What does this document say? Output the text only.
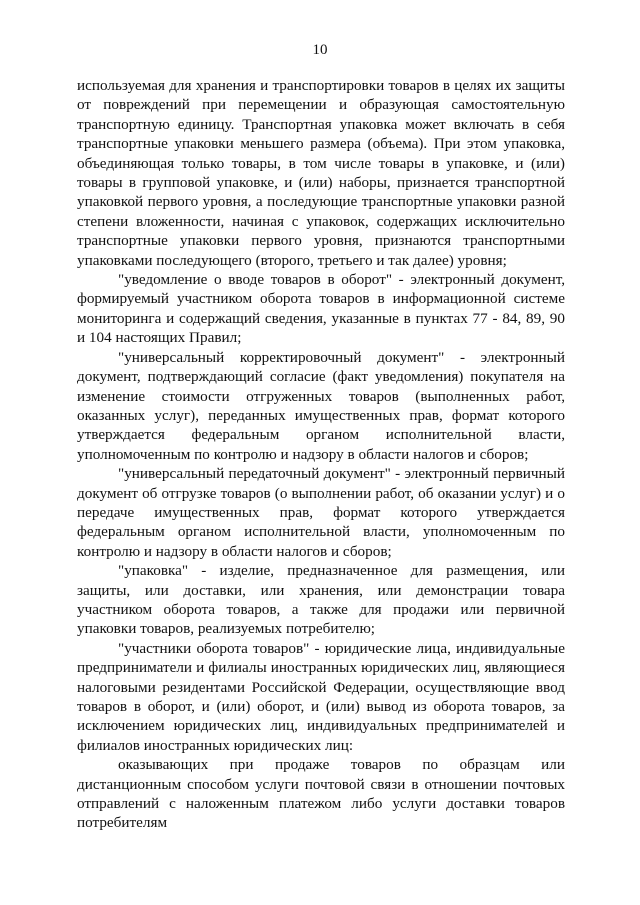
10

используемая для хранения и транспортировки товаров в целях их защиты от повреждений при перемещении и образующая самостоятельную транспортную единицу. Транспортная упаковка может включать в себя транспортные упаковки меньшего размера (объема). При этом упаковка, объединяющая только товары, в том числе товары в упаковке, и (или) товары в групповой упаковке, и (или) наборы, признается транспортной упаковкой первого уровня, а последующие транспортные упаковки разной степени вложенности, начиная с упаковок, содержащих исключительно транспортные упаковки первого уровня, признаются транспортными упаковками последующего (второго, третьего и так далее) уровня;

"уведомление о вводе товаров в оборот" - электронный документ, формируемый участником оборота товаров в информационной системе мониторинга и содержащий сведения, указанные в пунктах 77 - 84, 89, 90 и 104 настоящих Правил;

"универсальный корректировочный документ" - электронный документ, подтверждающий согласие (факт уведомления) покупателя на изменение стоимости отгруженных товаров (выполненных работ, оказанных услуг), переданных имущественных прав, формат которого утверждается федеральным органом исполнительной власти, уполномоченным по контролю и надзору в области налогов и сборов;

"универсальный передаточный документ" - электронный первичный документ об отгрузке товаров (о выполнении работ, об оказании услуг) и о передаче имущественных прав, формат которого утверждается федеральным органом исполнительной власти, уполномоченным по контролю и надзору в области налогов и сборов;

"упаковка" - изделие, предназначенное для размещения, или защиты, или доставки, или хранения, или демонстрации товара участником оборота товаров, а также для продажи или первичной упаковки товаров, реализуемых потребителю;

"участники оборота товаров" - юридические лица, индивидуальные предприниматели и филиалы иностранных юридических лиц, являющиеся налоговыми резидентами Российской Федерации, осуществляющие ввод товаров в оборот, и (или) оборот, и (или) вывод из оборота товаров, за исключением юридических лиц, индивидуальных предпринимателей и филиалов иностранных юридических лиц:

оказывающих при продаже товаров по образцам или дистанционным способом услуги почтовой связи в отношении почтовых отправлений с наложенным платежом либо услуги доставки товаров потребителям
